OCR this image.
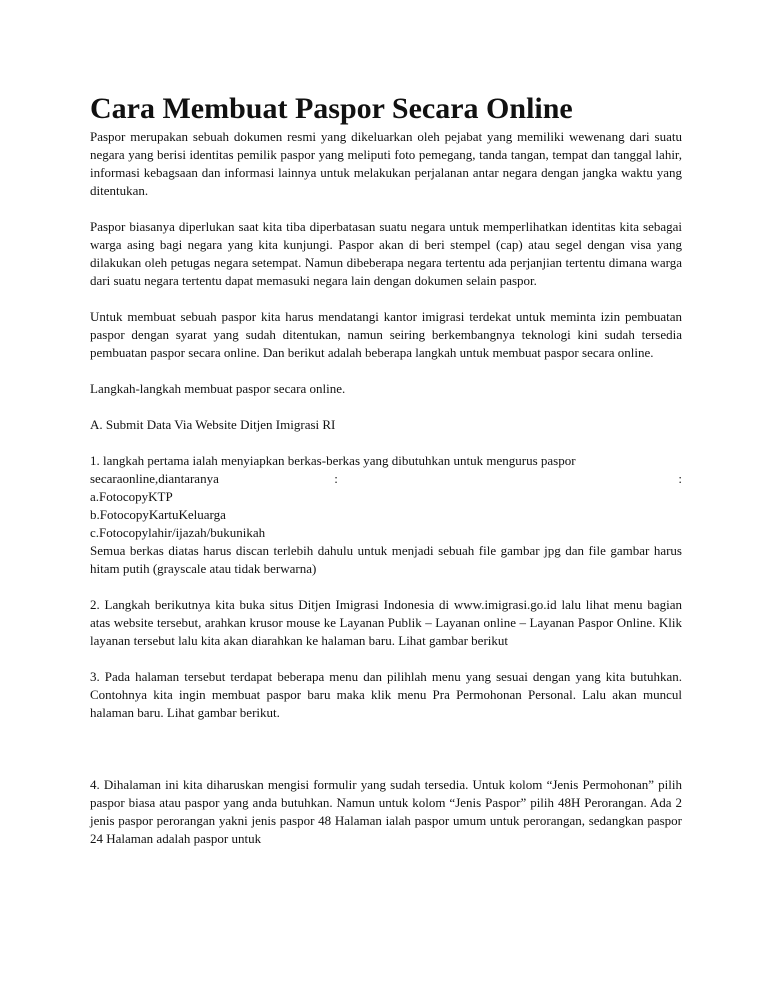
Cara Membuat Paspor Secara Online

Paspor merupakan sebuah dokumen resmi yang dikeluarkan oleh pejabat yang memiliki wewenang dari suatu negara yang berisi identitas pemilik paspor yang meliputi foto pemegang, tanda tangan, tempat dan tanggal lahir, informasi kebagsaan dan informasi lainnya untuk melakukan perjalanan antar negara dengan jangka waktu yang ditentukan.

Paspor biasanya diperlukan saat kita tiba diperbatasan suatu negara untuk memperlihatkan identitas kita sebagai warga asing bagi negara yang kita kunjungi. Paspor akan di beri stempel (cap) atau segel dengan visa yang dilakukan oleh petugas negara setempat. Namun dibeberapa negara tertentu ada perjanjian tertentu dimana warga dari suatu negara tertentu dapat memasuki negara lain dengan dokumen selain paspor.

Untuk membuat sebuah paspor kita harus mendatangi kantor imigrasi terdekat untuk meminta izin pembuatan paspor dengan syarat yang sudah ditentukan, namun seiring berkembangnya teknologi kini sudah tersedia pembuatan paspor secara online. Dan berikut adalah beberapa langkah untuk membuat paspor secara online.

Langkah-langkah membuat paspor secara online.

A. Submit Data Via Website Ditjen Imigrasi RI

1. langkah pertama ialah menyiapkan berkas-berkas yang dibutuhkan untuk mengurus paspor

secaraonline,diantaranya	:	:

a.FotocopyKTP

b.FotocopyKartuKeluarga

c.Fotocopylahir/ijazah/bukunikah

Semua berkas diatas harus discan terlebih dahulu untuk menjadi sebuah file gambar jpg dan file gambar harus hitam putih (grayscale atau tidak berwarna)

2. Langkah berikutnya kita buka situs Ditjen Imigrasi Indonesia di www.imigrasi.go.id lalu lihat menu bagian atas website tersebut, arahkan krusor mouse ke Layanan Publik – Layanan online – Layanan Paspor Online. Klik layanan tersebut lalu kita akan diarahkan ke halaman baru. Lihat gambar berikut

3. Pada halaman tersebut terdapat beberapa menu dan pilihlah menu yang sesuai dengan yang kita butuhkan. Contohnya kita ingin membuat paspor baru maka klik menu Pra Permohonan Personal. Lalu akan muncul halaman baru. Lihat gambar berikut.

4. Dihalaman ini kita diharuskan mengisi formulir yang sudah tersedia. Untuk kolom “Jenis Permohonan” pilih paspor biasa atau paspor yang anda butuhkan. Namun untuk kolom “Jenis Paspor” pilih 48H Perorangan. Ada 2 jenis paspor perorangan yakni jenis paspor 48 Halaman ialah paspor umum untuk perorangan, sedangkan paspor 24 Halaman adalah paspor untuk
